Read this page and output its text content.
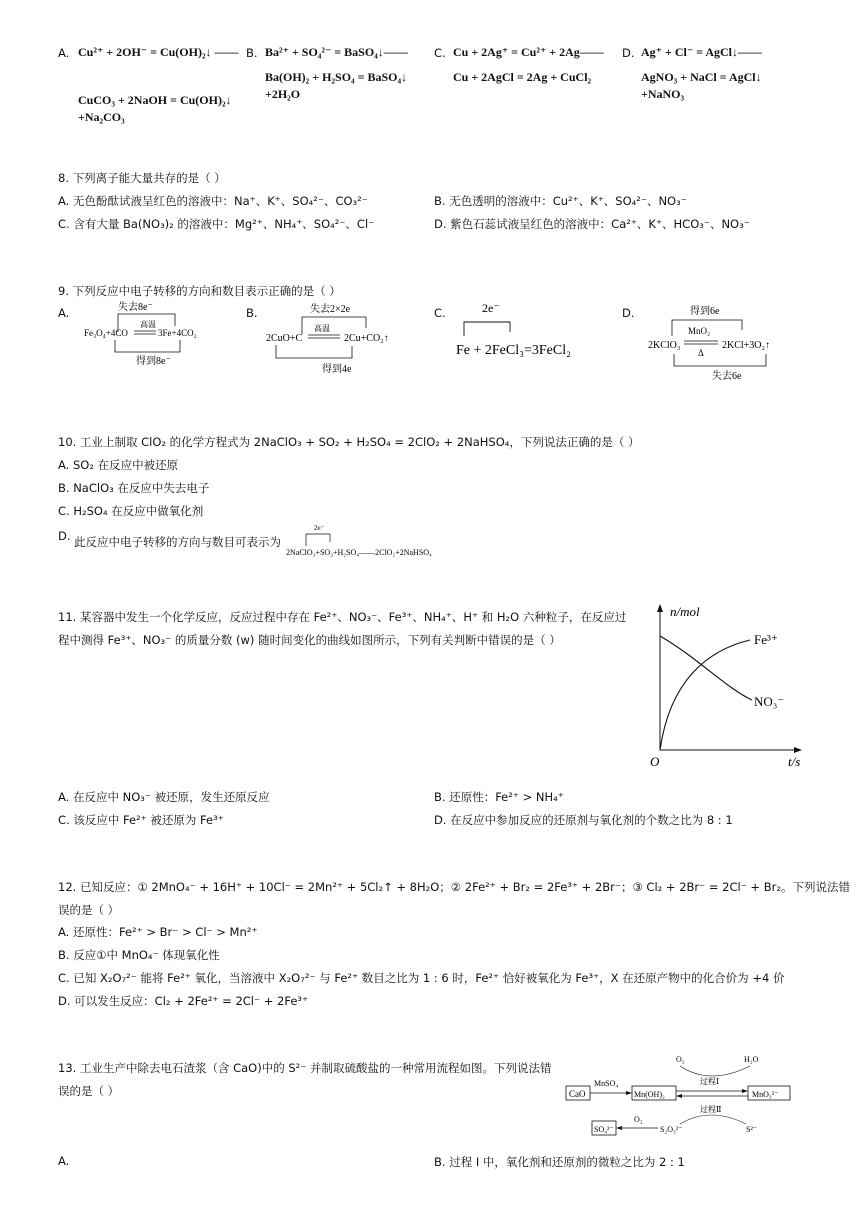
A. Cu²⁺ + 2OH⁻ = Cu(OH)₂↓ ——
CuCO₃ + 2NaOH = Cu(OH)₂↓
+Na₂CO₃
B. Ba²⁺ + SO₄²⁻ = BaSO₄↓——
Ba(OH)₂ + H₂SO₄ = BaSO₄↓
+2H₂O
C. Cu + 2Ag⁺ = Cu²⁺ + 2Ag——
Cu + 2AgCl = 2Ag + CuCl₂
D. Ag⁺ + Cl⁻ = AgCl↓——
AgNO₃ + NaCl = AgCl↓
+NaNO₃
8. 下列离子能大量共存的是（ ）
A. 无色酚酞试液呈红色的溶液中：Na⁺、K⁺、SO₄²⁻、CO₃²⁻	B. 无色透明的溶液中：Cu²⁺、K⁺、SO₄²⁻、NO₃⁻
C. 含有大量 Ba(NO₃)₂ 的溶液中：Mg²⁺、NH₄⁺、SO₄²⁻、Cl⁻	D. 紫色石蕊试液呈红色的溶液中：Ca²⁺、K⁺、HCO₃⁻、NO₃⁻
9. 下列反应中电子转移的方向和数目表示正确的是（ ）
A.	失去8e⁻
Fe₃O₄+4CO
高温
3Fe+4CO₂
得到8e⁻
B.	失去2×2e
2CuO+C
高温
2Cu+CO₂↑
得到4e
C.	2e⁻
Fe + 2FeCl₃=3FeCl₂
D.	得到6e
2KClO₃
MnO₂
Δ
2KCl+3O₂↑
失去6e
10. 工业上制取 ClO₂ 的化学方程式为 2NaClO₃ + SO₂ + H₂SO₄ = 2ClO₂ + 2NaHSO₄，下列说法正确的是（ ）
A. SO₂ 在反应中被还原
B. NaClO₃ 在反应中失去电子
C. H₂SO₄ 在反应中做氧化剂
D. 此反应中电子转移的方向与数目可表示为
2e⁻
2NaClO₃+SO₂+H₂SO₄——2ClO₂+2NaHSO₄
11. 某容器中发生一个化学反应，反应过程中存在 Fe²⁺、NO₃⁻、Fe³⁺、NH₄⁺、H⁺ 和 H₂O 六种粒子，在反应过
程中测得 Fe³⁺、NO₃⁻ 的质量分数 (w) 随时间变化的曲线如图所示，下列有关判断中错误的是（ ）
n/mol
t/s
O
Fe³⁺
NO₃⁻
A. 在反应中 NO₃⁻ 被还原，发生还原反应	B. 还原性：Fe²⁺ > NH₄⁺
C. 该反应中 Fe²⁺ 被还原为 Fe³⁺	D. 在反应中参加反应的还原剂与氧化剂的个数之比为 8 : 1
12. 已知反应：① 2MnO₄⁻ + 16H⁺ + 10Cl⁻ = 2Mn²⁺ + 5Cl₂↑ + 8H₂O；② 2Fe²⁺ + Br₂ = 2Fe³⁺ + 2Br⁻；③ Cl₂ + 2Br⁻ = 2Cl⁻ + Br₂。下列说法错
误的是（ ）
A. 还原性：Fe²⁺ > Br⁻ > Cl⁻ > Mn²⁺
B. 反应①中 MnO₄⁻ 体现氧化性
C. 已知 X₂O₇²⁻ 能将 Fe²⁺ 氧化，当溶液中 X₂O₇²⁻ 与 Fe²⁺ 数目之比为 1 : 6 时，Fe²⁺ 恰好被氧化为 Fe³⁺，X 在还原产物中的化合价为 +4 价
D. 可以发生反应：Cl₂ + 2Fe²⁺ = 2Cl⁻ + 2Fe³⁺
13. 工业生产中除去电石渣浆（含 CaO)中的 S²⁻ 并制取硫酸盐的一种常用流程如图。下列说法错
误的是（ ）	CaO
MnSO₄
Mn(OH)₂
O₂	H₂O
过程Ⅰ
MnO₃²⁻
过程Ⅱ
S²⁻
S₂O₃²⁻
O₂
SO₄²⁻
A.	B. 过程 I 中，氧化剂和还原剂的微粒之比为 2 : 1
